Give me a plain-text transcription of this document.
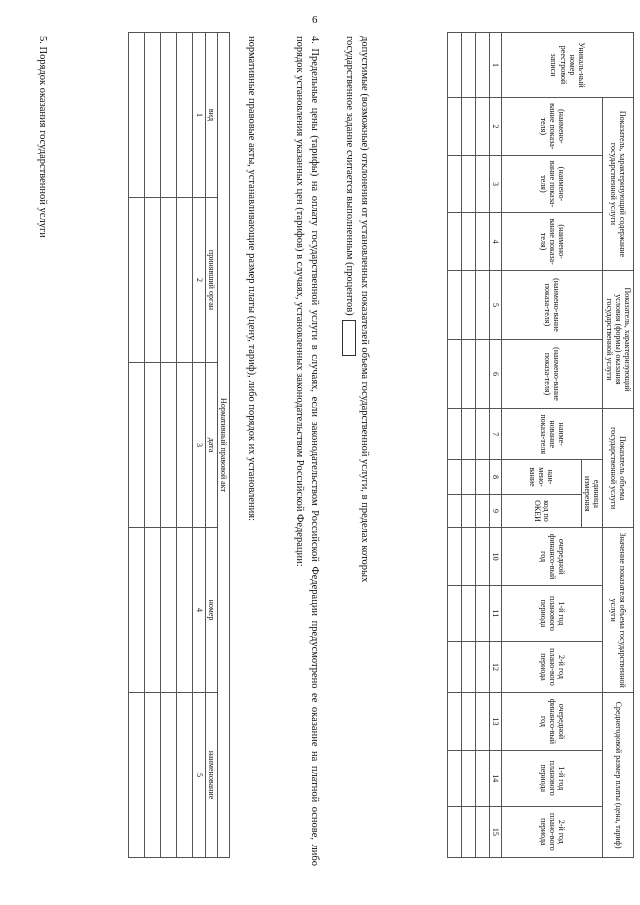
6
Уникаль-ный номер реестровой записи	Показатель, характеризующий содержание государственной услуги			Показатель, характеризующий условия (формы) оказания государственной услуги		Показатель объема государственной услуги			Значение показателя объема государственной услуги			Среднегодовой размер платы (цена, тариф)		
	(наимено-вание показа-теля)	(наимено-вание показа-теля)	(наимено-вание показа-теля)	(наимено-вание показа-теля)	(наимено-вание показа-теля)	наиме-нование показа-теля	единица измерения		очередной финансо-вый год	1-й год планового периода	2-й год плано-вого периода	очередной финансо-вый год	1-й год планового периода	2-й год плано-вого периода
							наи-мено-вание	код по ОКЕИ						
1	2	3	4	5	6	7	8	9	10	11	12	13	14	15

допустимые (возможные) отклонения от установленных показателей объема государственной услуги, в пределах которых
государственное задание считается выполненным (процентов)
4. Предельные цены (тарифы) на оплату государственной услуги в случаях, если законодательством Российской Федерации предусмотрено ее оказание на платной основе, либо порядок установления указанных цен (тарифов) в случаях, установленных законодательством Российской Федерации:
нормативные правовые акты, устанавливающие размер платы (цену, тариф), либо порядок их установления:
Нормативный правовой акт				
вид	принявший орган	дата	номер	наименование
1	2	3	4	5

5. Порядок оказания государственной услуги
